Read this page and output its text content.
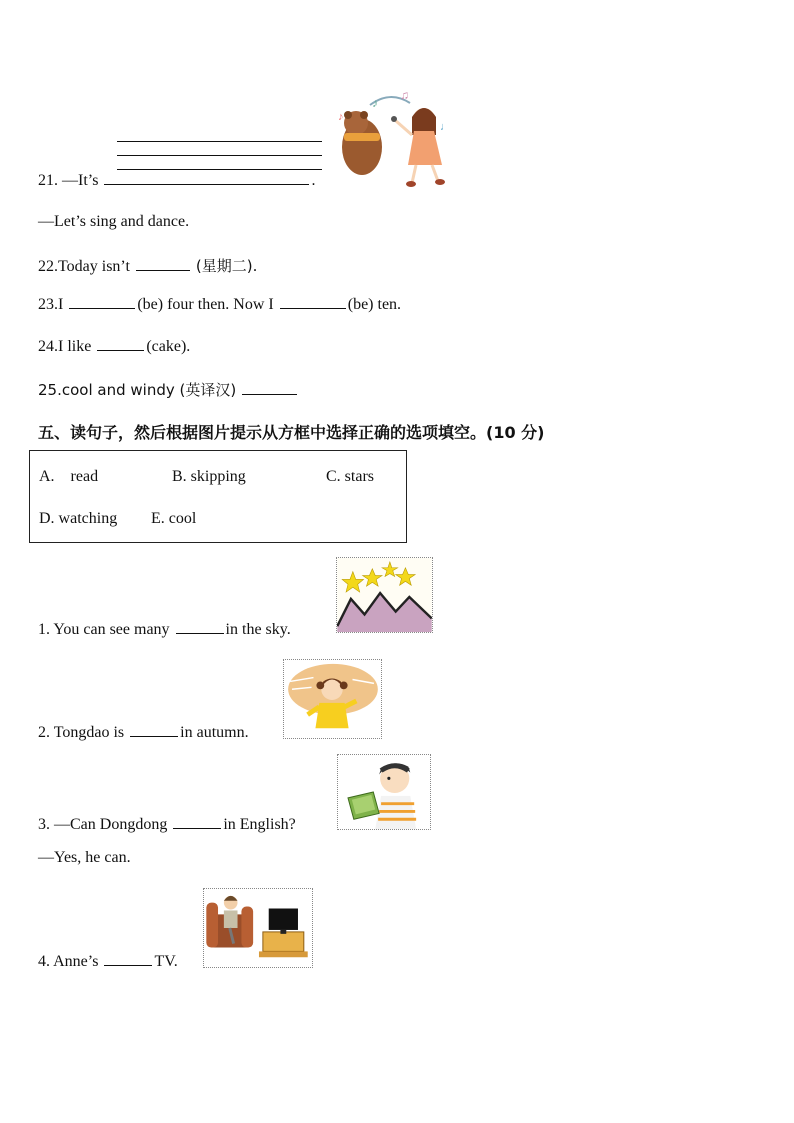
21. —It’s	.
♪
♫
♪
♩
—Let’s sing and dance.
22.Today isn’t	(星期二).
23.I	(be) four then. Now I	(be) ten.
24.I like	(cake).
25.cool and windy (英译汉)
五、读句子，然后根据图片提示从方框中选择正确的选项填空。(10 分)
A.    read	B. skipping	C. stars
D. watching E. cool
1. You can see many	in the sky.
2. Tongdao is	in autumn.
3. —Can Dongdong	in English?
—Yes, he can.
4. Anne’s	TV.
